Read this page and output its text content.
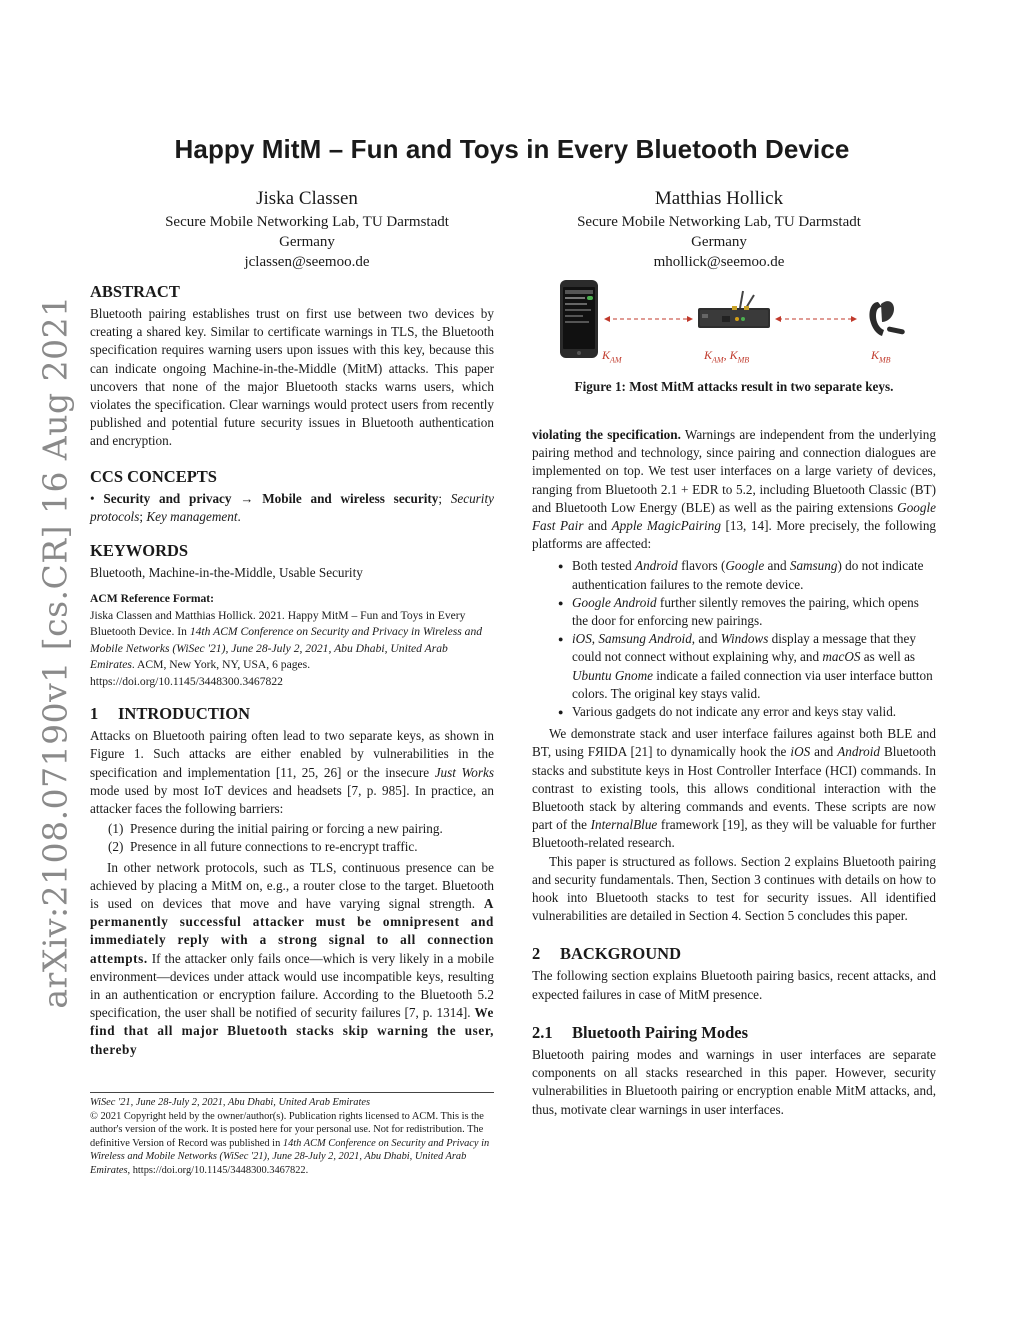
arXiv:2108.07190v1 [cs.CR] 16 Aug 2021
Happy MitM – Fun and Toys in Every Bluetooth Device
Jiska Classen
Secure Mobile Networking Lab, TU Darmstadt
Germany
jclassen@seemoo.de
Matthias Hollick
Secure Mobile Networking Lab, TU Darmstadt
Germany
mhollick@seemoo.de
ABSTRACT

Bluetooth pairing establishes trust on first use between two devices by creating a shared key. Similar to certificate warnings in TLS, the Bluetooth specification requires warning users upon issues with this key, because this can indicate ongoing Machine-in-the-Middle (MitM) attacks. This paper uncovers that none of the major Bluetooth stacks warns users, which violates the specification. Clear warnings would protect users from recently published and potential future security issues in Bluetooth authentication and encryption.

CCS CONCEPTS

• Security and privacy → Mobile and wireless security; Security protocols; Key management.

KEYWORDS

Bluetooth, Machine-in-the-Middle, Usable Security

ACM Reference Format:

Jiska Classen and Matthias Hollick. 2021. Happy MitM – Fun and Toys in Every Bluetooth Device. In 14th ACM Conference on Security and Privacy in Wireless and Mobile Networks (WiSec '21), June 28-July 2, 2021, Abu Dhabi, United Arab Emirates. ACM, New York, NY, USA, 6 pages. https://doi.org/10.1145/3448300.3467822

1 INTRODUCTION

Attacks on Bluetooth pairing often lead to two separate keys, as shown in Figure 1. Such attacks are either enabled by vulnerabilities in the specification and implementation [11, 25, 26] or the insecure Just Works mode used by most IoT devices and headsets [7, p. 985]. In practice, an attacker faces the following barriers:

(1) Presence during the initial pairing or forcing a new pairing.
(2) Presence in all future connections to re-encrypt traffic.

In other network protocols, such as TLS, continuous presence can be achieved by placing a MitM on, e.g., a router close to the target. Bluetooth is used on devices that move and have varying signal strength. A permanently successful attacker must be omnipresent and immediately reply with a strong signal to all connection attempts. If the attacker only fails once—which is very likely in a mobile environment—devices under attack would use incompatible keys, resulting in an authentication or encryption failure. According to the Bluetooth 5.2 specification, the user shall be notified of security failures [7, p. 1314]. We find that all major Bluetooth stacks skip warning the user, thereby

WiSec '21, June 28-July 2, 2021, Abu Dhabi, United Arab Emirates
© 2021 Copyright held by the owner/author(s). Publication rights licensed to ACM. This is the author's version of the work. It is posted here for your personal use. Not for redistribution. The definitive Version of Record was published in 14th ACM Conference on Security and Privacy in Wireless and Mobile Networks (WiSec '21), June 28-July 2, 2021, Abu Dhabi, United Arab Emirates, https://doi.org/10.1145/3448300.3467822.
$K_{AM}$	$K_{AM}$, $K_{MB}$	$K_{MB}$
Figure 1: Most MitM attacks result in two separate keys.

violating the specification. Warnings are independent from the underlying pairing method and technology, since pairing and connection dialogues are implemented on top. We test user interfaces on a large variety of devices, ranging from Bluetooth 2.1 + EDR to 5.2, including Bluetooth Classic (BT) and Bluetooth Low Energy (BLE) as well as the pairing extensions Google Fast Pair and Apple MagicPairing [13, 14]. More precisely, the following platforms are affected:

● Both tested Android flavors (Google and Samsung) do not indicate authentication failures to the remote device.
● Google Android further silently removes the pairing, which opens the door for enforcing new pairings.
● iOS, Samsung Android, and Windows display a message that they could not connect without explaining why, and macOS as well as Ubuntu Gnome indicate a failed connection via user interface button colors. The original key stays valid.
● Various gadgets do not indicate any error and keys stay valid.

We demonstrate stack and user interface failures against both BLE and BT, using FЯIDA [21] to dynamically hook the iOS and Android Bluetooth stacks and substitute keys in Host Controller Interface (HCI) commands. In contrast to existing tools, this allows conditional interaction with the Bluetooth stack by altering commands and events. These scripts are now part of the InternalBlue framework [19], as they will be valuable for further Bluetooth-related research.

This paper is structured as follows. Section 2 explains Bluetooth pairing and security fundamentals. Then, Section 3 continues with details on how to hook into Bluetooth stacks to test for security issues. All identified vulnerabilities are detailed in Section 4. Section 5 concludes this paper.

2 BACKGROUND

The following section explains Bluetooth pairing basics, recent attacks, and expected failures in case of MitM presence.

2.1 Bluetooth Pairing Modes

Bluetooth pairing modes and warnings in user interfaces are separate components on all stacks researched in this paper. However, security vulnerabilities in Bluetooth pairing or encryption enable MitM attacks, and, thus, motivate clear warnings in user interfaces.
